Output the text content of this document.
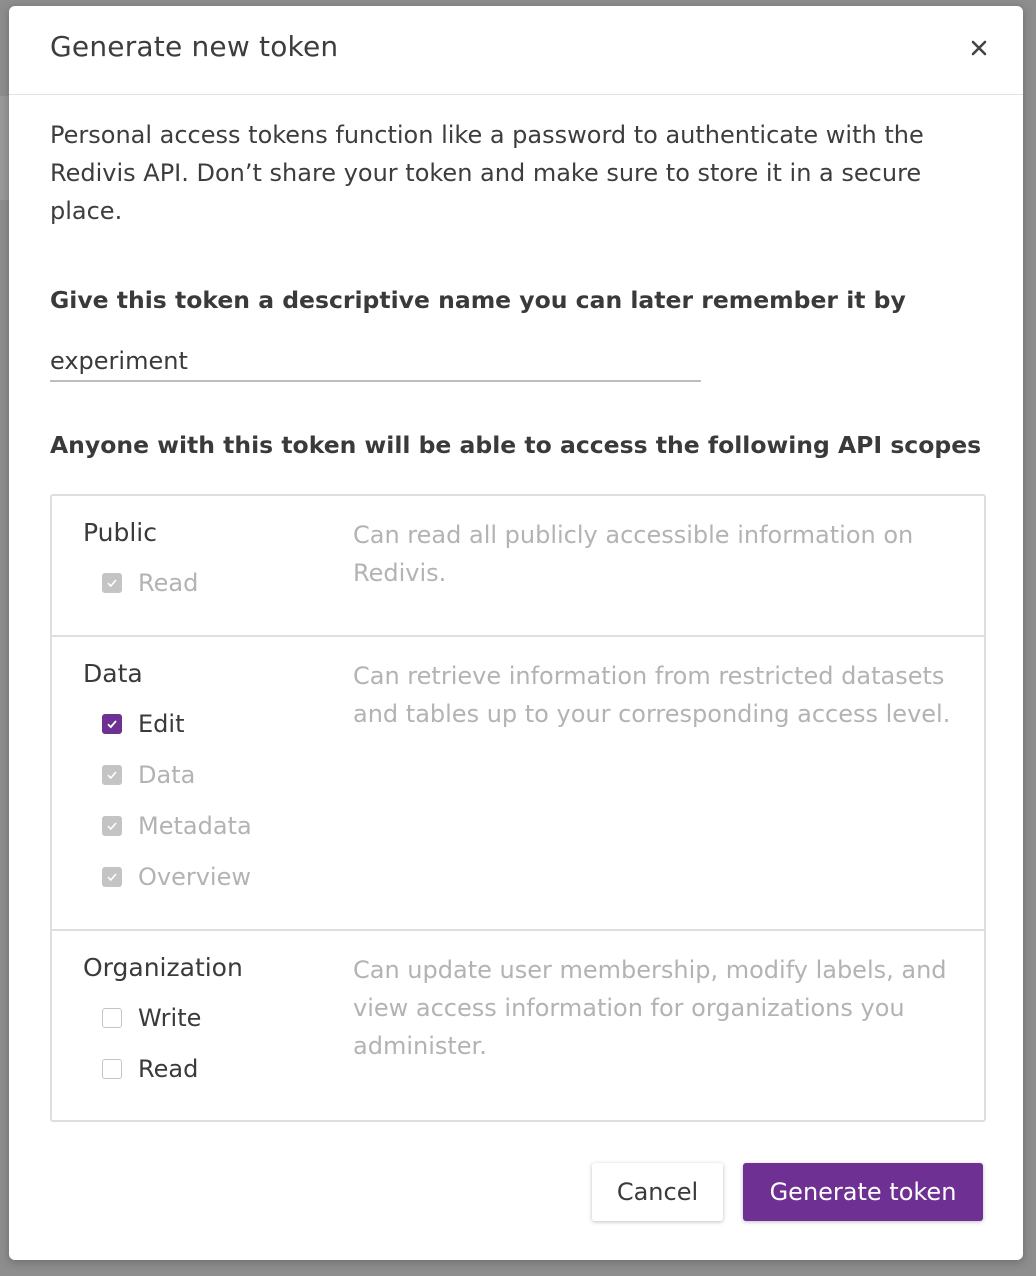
Generate new token
Personal access tokens function like a password to authenticate with the Redivis API. Don’t share your token and make sure to store it in a secure place.
Give this token a descriptive name you can later remember it by
experiment
Anyone with this token will be able to access the following API scopes
Public
Read
Can read all publicly accessible information on Redivis.
Data
Edit
Data
Metadata
Overview
Can retrieve information from restricted datasets and tables up to your corresponding access level.
Organization
Write
Read
Can update user membership, modify labels, and view access information for organizations you administer.
Cancel	Generate token
